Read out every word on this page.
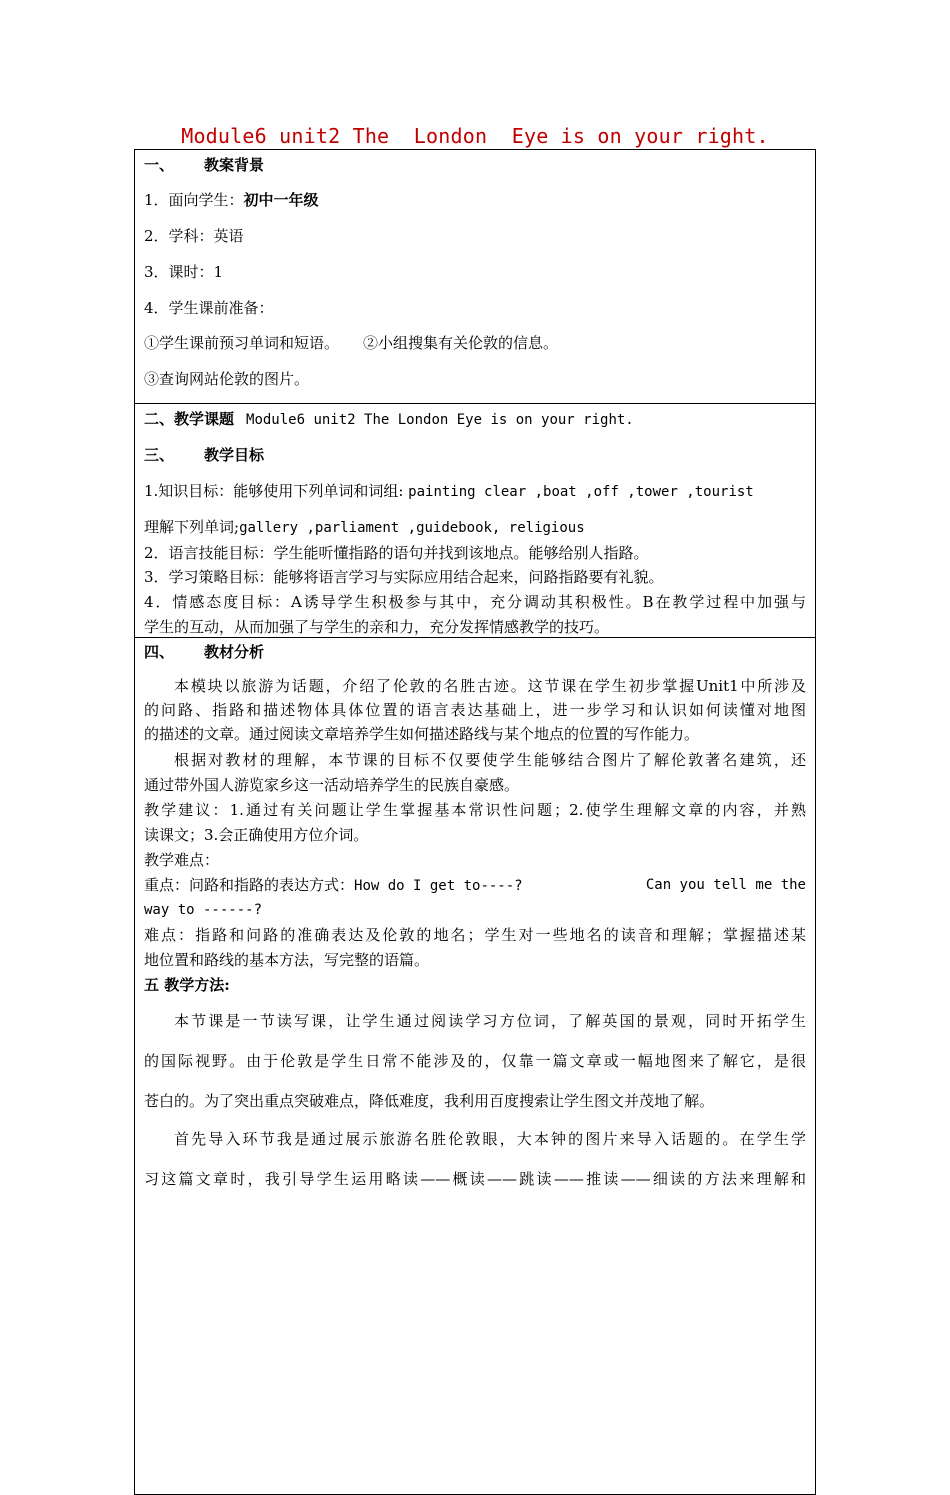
Module6 unit2 The  London  Eye is on your right.
一、 教案背景
1．面向学生：初中一年级
2．学科：英语
3．课时：1
4．学生课前准备：
①学生课前预习单词和短语。 ②小组搜集有关伦敦的信息。
③查询网站伦敦的图片。
二、教学课题 Module6 unit2 The London Eye is on your right.
三、 教学目标
1.知识目标：能够使用下列单词和词组: painting clear ,boat ,off ,tower ,tourist
理解下列单词;gallery ,parliament ,guidebook, religious
2．语言技能目标：学生能听懂指路的语句并找到该地点。能够给别人指路。
3．学习策略目标：能够将语言学习与实际应用结合起来，问路指路要有礼貌。
4．情感态度目标：A诱导学生积极参与其中，充分调动其积极性。B在教学过程中加强与
学生的互动，从而加强了与学生的亲和力，充分发挥情感教学的技巧。
四、 教材分析
本模块以旅游为话题，介绍了伦敦的名胜古迹。这节课在学生初步掌握Unit1中所涉及
的问路、指路和描述物体具体位置的语言表达基础上，进一步学习和认识如何读懂对地图
的描述的文章。通过阅读文章培养学生如何描述路线与某个地点的位置的写作能力。
根据对教材的理解，本节课的目标不仅要使学生能够结合图片了解伦敦著名建筑，还
通过带外国人游览家乡这一活动培养学生的民族自豪感。
教学建议：1.通过有关问题让学生掌握基本常识性问题；2.使学生理解文章的内容，并熟
读课文；3.会正确使用方位介词。
教学难点：
重点：问路和指路的表达方式：How do I get to----?	Can you tell me the
way to ------?
难点：指路和问路的准确表达及伦敦的地名；学生对一些地名的读音和理解；掌握描述某
地位置和路线的基本方法，写完整的语篇。
五 教学方法:
本节课是一节读写课，让学生通过阅读学习方位词，了解英国的景观，同时开拓学生
的国际视野。由于伦敦是学生日常不能涉及的，仅靠一篇文章或一幅地图来了解它，是很
苍白的。为了突出重点突破难点，降低难度，我利用百度搜索让学生图文并茂地了解。
首先导入环节我是通过展示旅游名胜伦敦眼，大本钟的图片来导入话题的。在学生学
习这篇文章时，我引导学生运用略读——概读——跳读——推读——细读的方法来理解和
